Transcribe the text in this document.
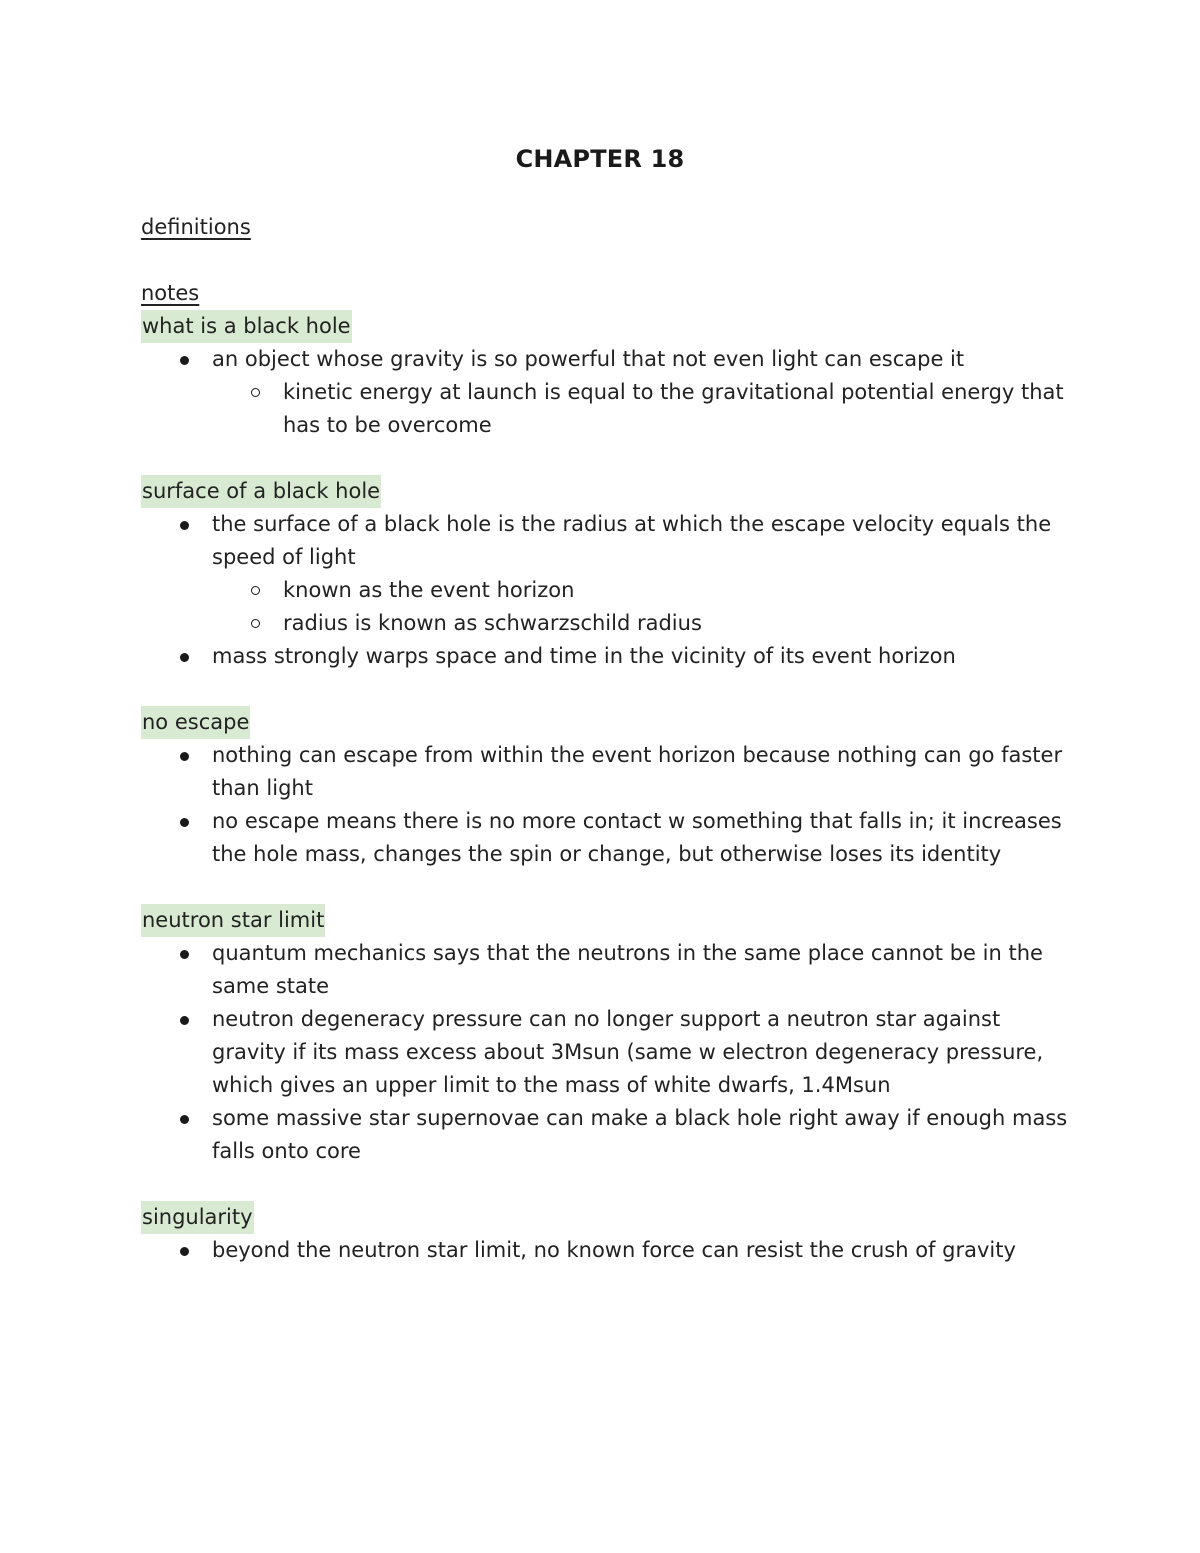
CHAPTER 18
definitions
notes
what is a black hole
an object whose gravity is so powerful that not even light can escape it
kinetic energy at launch is equal to the gravitational potential energy that has to be overcome
surface of a black hole
the surface of a black hole is the radius at which the escape velocity equals the speed of light
known as the event horizon
radius is known as schwarzschild radius
mass strongly warps space and time in the vicinity of its event horizon
no escape
nothing can escape from within the event horizon because nothing can go faster than light
no escape means there is no more contact w something that falls in; it increases the hole mass, changes the spin or change, but otherwise loses its identity
neutron star limit
quantum mechanics says that the neutrons in the same place cannot be in the same state
neutron degeneracy pressure can no longer support a neutron star against gravity if its mass excess about 3Msun (same w electron degeneracy pressure, which gives an upper limit to the mass of white dwarfs, 1.4Msun
some massive star supernovae can make a black hole right away if enough mass falls onto core
singularity
beyond the neutron star limit, no known force can resist the crush of gravity
